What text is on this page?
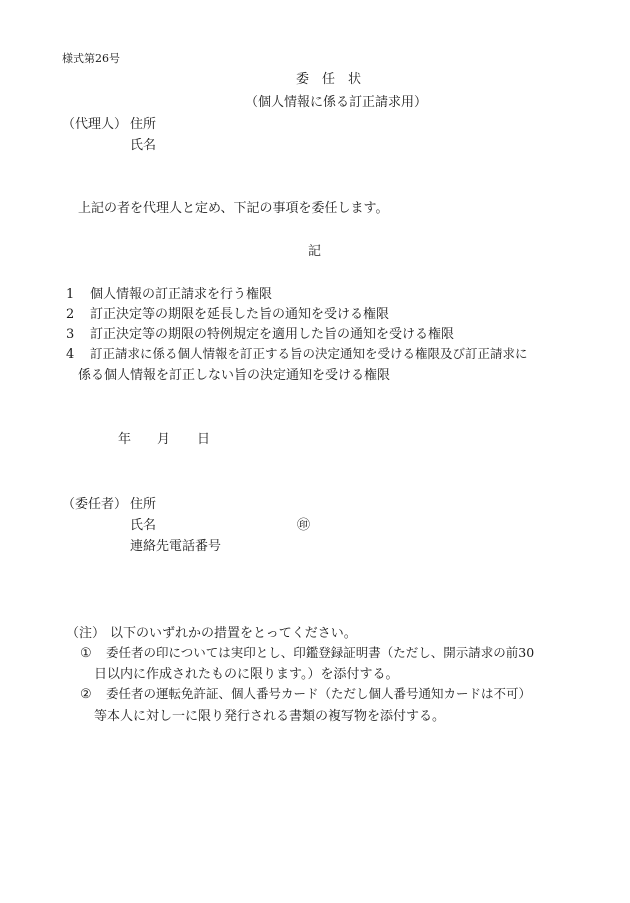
様式第26号
委　任　状
（個人情報に係る訂正請求用）
（代理人） 住所
氏名
上記の者を代理人と定め、下記の事項を委任します。
記
1 個人情報の訂正請求を行う権限
2 訂正決定等の期限を延長した旨の通知を受ける権限
3 訂正決定等の期限の特例規定を適用した旨の通知を受ける権限
4 訂正請求に係る個人情報を訂正する旨の決定通知を受ける権限及び訂正請求に
係る個人情報を訂正しない旨の決定通知を受ける権限
年 月 日
（委任者） 住所
氏名	㊞
連絡先電話番号
（注） 以下のいずれかの措置をとってください。
① 委任者の印については実印とし、印鑑登録証明書（ただし、開示請求の前30
日以内に作成されたものに限ります。）を添付する。
② 委任者の運転免許証、個人番号カード（ただし個人番号通知カードは不可）
等本人に対し一に限り発行される書類の複写物を添付する。
